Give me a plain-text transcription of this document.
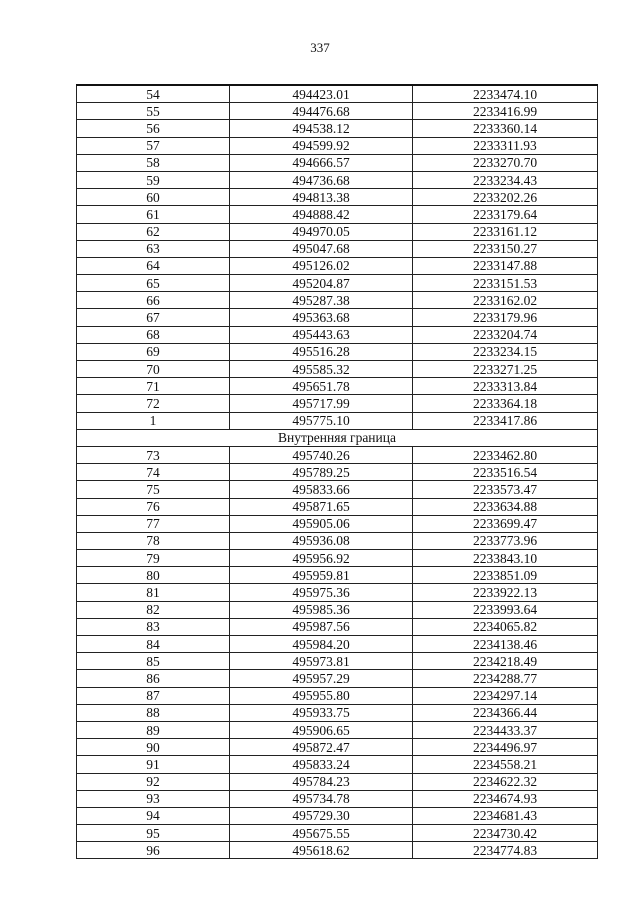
337
54	494423.01	2233474.10
55	494476.68	2233416.99
56	494538.12	2233360.14
57	494599.92	2233311.93
58	494666.57	2233270.70
59	494736.68	2233234.43
60	494813.38	2233202.26
61	494888.42	2233179.64
62	494970.05	2233161.12
63	495047.68	2233150.27
64	495126.02	2233147.88
65	495204.87	2233151.53
66	495287.38	2233162.02
67	495363.68	2233179.96
68	495443.63	2233204.74
69	495516.28	2233234.15
70	495585.32	2233271.25
71	495651.78	2233313.84
72	495717.99	2233364.18
1	495775.10	2233417.86
Внутренняя граница		
73	495740.26	2233462.80
74	495789.25	2233516.54
75	495833.66	2233573.47
76	495871.65	2233634.88
77	495905.06	2233699.47
78	495936.08	2233773.96
79	495956.92	2233843.10
80	495959.81	2233851.09
81	495975.36	2233922.13
82	495985.36	2233993.64
83	495987.56	2234065.82
84	495984.20	2234138.46
85	495973.81	2234218.49
86	495957.29	2234288.77
87	495955.80	2234297.14
88	495933.75	2234366.44
89	495906.65	2234433.37
90	495872.47	2234496.97
91	495833.24	2234558.21
92	495784.23	2234622.32
93	495734.78	2234674.93
94	495729.30	2234681.43
95	495675.55	2234730.42
96	495618.62	2234774.83
